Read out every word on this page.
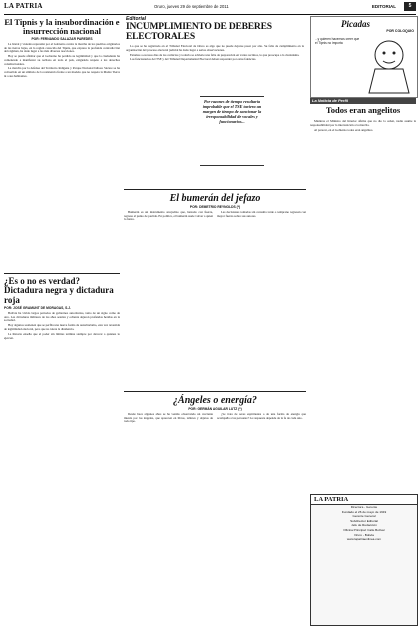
LA PATRIA	Oruro, jueves 29 de septiembre de 2011	EDITORIAL	5
El Tipnis y la insubordinación e insurrección nacional
POR: FERNANDO SALAZAR PAREDES

La brutal y violenta represión por el Gobierno contra la marcha de los pueblos originarios de las tierras bajas, en la región conocida del Tipnis, que expresa la profunda contradicción del régimen, ha dado lugar a las más diversas reacciones.

Hoy se puede afirmar que el Gobierno ha perdido su legitimidad y que la ciudadanía ha comenzado a manifestar su rechazo en todo el país, exigiendo respeto a los derechos constitucionales.

La marcha por la defensa del Territorio Indígena y Parque Nacional Isiboro Sécure se ha convertido en un símbolo de la resistencia frente a un modelo que no respeta la Madre Tierra ni a sus habitantes.

¿Es o no es verdad? Dictadura negra y dictadura roja
POR: JOSÉ GRAMUNT DE MORAGAS, S.J.

Bolivia ha vivido largos periodos de gobiernos autoritarios, tanto de un signo como de otro. Las dictaduras militares de los años setenta y ochenta dejaron profundas heridas en la sociedad.

Hoy algunos sostienen que se perfila una nueva forma de autoritarismo, esta vez revestida de legitimidad electoral, pero que no tolera la disidencia.

La historia enseña que el poder sin límites termina siempre por devorar a quienes lo ejercen.

Editorial
INCUMPLIMIENTO DE DEBERES ELECTORALES

Lo que se ha registrado en el Tribunal Electoral de Oruro es algo que no puede dejarse pasar por alto. Su falta de cumplimiento en la organización del proceso electoral judicial ha dado lugar a serias observaciones.

Estamos a escasos días de los comicios y todavía se advierte una falta de preparación en varios recintos, lo que preocupa a la ciudadanía.

Los funcionarios del TSE y del Tribunal Departamental Electoral deben responder por estas falencias.

Por razones de tiempo resultaría improbable que el TSE tuviera un margen de tiempo de sancionar la irresponsabilidad de vocales y funcionarios...
El bumerán del jefazo
POR: DEMETRIO REYNOLDS (*)

Bumerán es un instrumento arrojadizo que, lanzado con fuerza, regresa al punto de partida. En política, el bumerán suele volver a quien lo lanza.

Las decisiones tomadas sin consulta tarde o temprano regresan con mayor fuerza sobre sus autores.

¿Ángeles o energía?
POR: GERMÁN AGUILAR LUTZ (*)

Desde hace algunos años se ha venido observando un creciente interés por los ángeles, que aparecen en libros, talleres y objetos de todo tipo.

¿Se trata de seres espirituales o de una forma de energía que acompaña a las personas? La respuesta depende de la fe de cada uno.

Picadas
POR COLOQUIO
...y quieren hacernos creer que el Tipnis no importa
La Noticia de Perfil
Todos eran angelitos

Mientras el Ministro del Interior afirma que no dio la orden, nadie asume la responsabilidad por la intervención a la marcha.

Al parecer, en el Gobierno todos eran angelitos.

LA PATRIA
Directora - Gerente
Fundado el 26 de mayo de 1919
Gerente General
Subdirector Editorial
Jefe de Redacción
Oficina Principal: Calle Bolívar
Oruro - Bolivia
www.lapatriaenlinea.com
